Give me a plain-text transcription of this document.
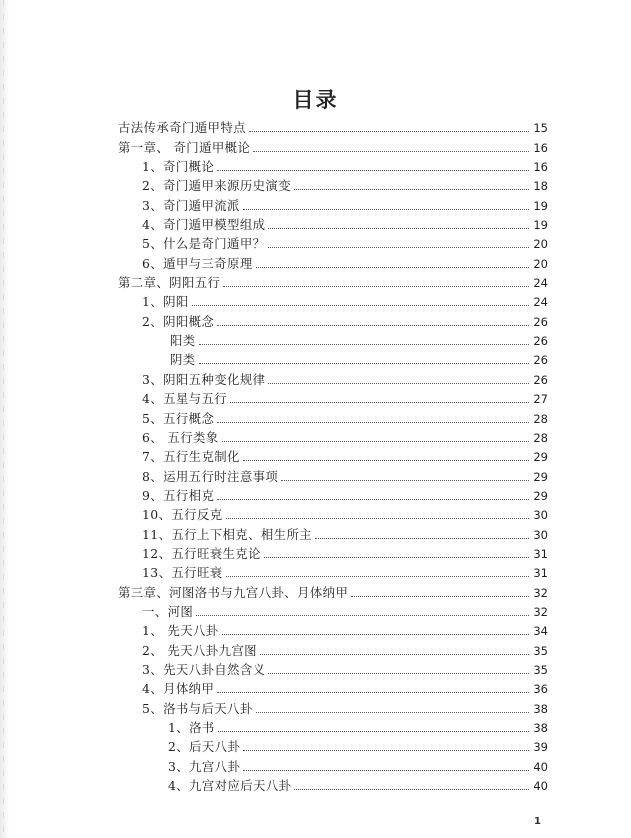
目录
古法传承奇门遁甲特点	15
第一章、 奇门遁甲概论	16
1、奇门概论	16
2、奇门遁甲来源历史演变	18
3、奇门遁甲流派	19
4、奇门遁甲模型组成	19
5、什么是奇门遁甲？	20
6、遁甲与三奇原理	20
第二章、阴阳五行	24
1、阴阳	24
2、阴阳概念	26
阳类	26
阴类	26
3、阴阳五种变化规律	26
4、五星与五行	27
5、五行概念	28
6、 五行类象	28
7、五行生克制化	29
8、运用五行时注意事项	29
9、五行相克	29
10、五行反克	30
11、五行上下相克、相生所主	30
12、五行旺衰生克论	31
13、五行旺衰	31
第三章、河图洛书与九宫八卦、月体纳甲	32
一、河图	32
1、 先天八卦	34
2、 先天八卦九宫图	35
3、先天八卦自然含义	35
4、月体纳甲	36
5、洛书与后天八卦	38
1、洛书	38
2、后天八卦	39
3、九宫八卦	40
4、九宫对应后天八卦	40
1
